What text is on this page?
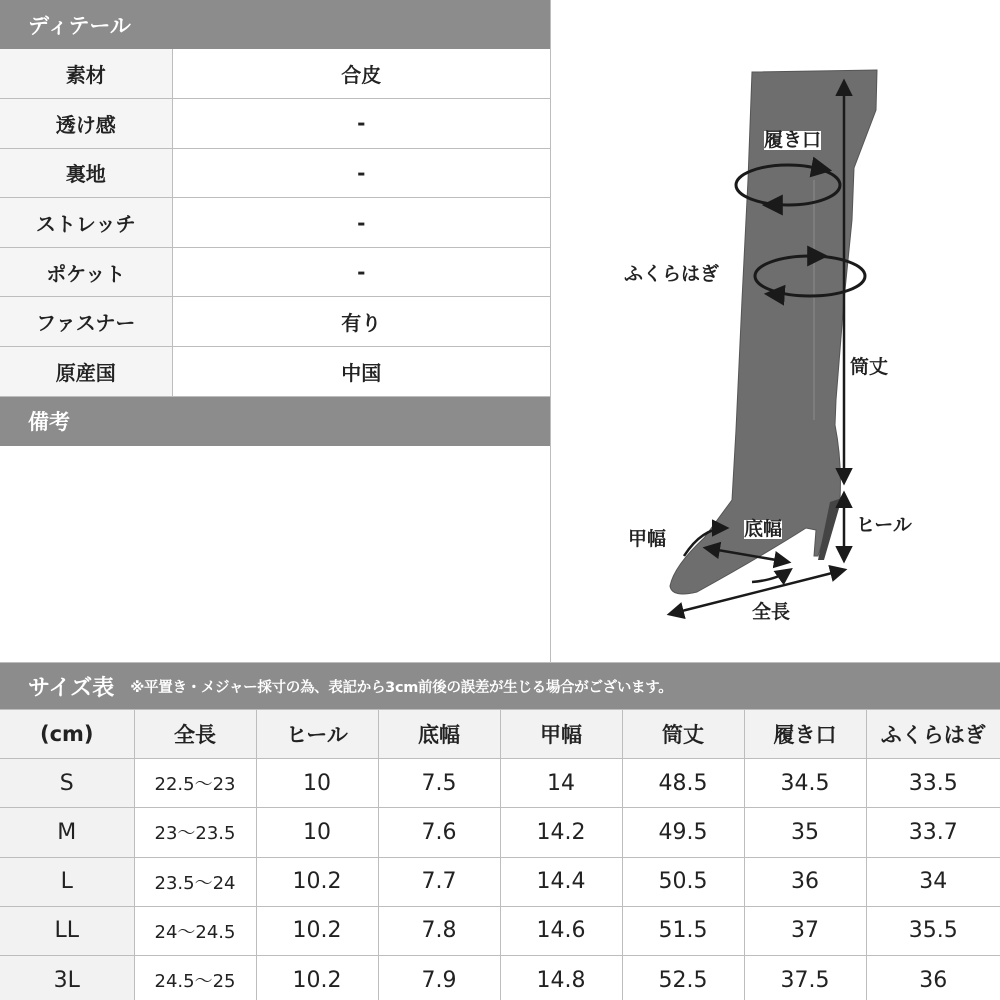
ディテール
素材	合皮
透け感	-
裏地	-
ストレッチ	-
ポケット	-
ファスナー	有り
原産国	中国
備考
履き口
ふくらはぎ
筒丈
ヒール
甲幅	底幅
全長
サイズ表 ※平置き・メジャー採寸の為、表記から3cm前後の誤差が生じる場合がございます。
(cm)	全長	ヒール	底幅	甲幅	筒丈	履き口	ふくらはぎ
S	22.5～23	10	7.5	14	48.5	34.5	33.5
M	23～23.5	10	7.6	14.2	49.5	35	33.7
L	23.5～24	10.2	7.7	14.4	50.5	36	34
LL	24～24.5	10.2	7.8	14.6	51.5	37	35.5
3L	24.5～25	10.2	7.9	14.8	52.5	37.5	36
